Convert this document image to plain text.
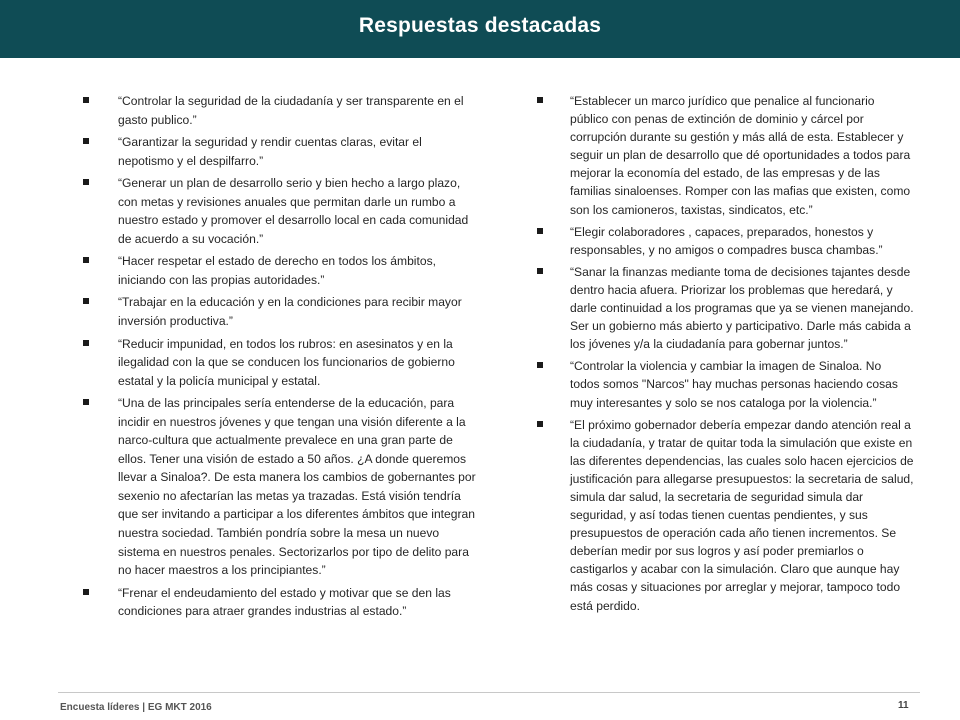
Respuestas destacadas
“Controlar la seguridad de la ciudadanía y ser transparente en el gasto publico.”
“Garantizar la seguridad y rendir cuentas claras, evitar el nepotismo y el despilfarro.”
“Generar un plan de desarrollo serio y bien hecho a largo plazo, con metas y revisiones anuales que permitan darle un rumbo a nuestro estado y promover el desarrollo local en cada comunidad de acuerdo a su vocación.”
“Hacer respetar el estado de derecho en todos los ámbitos, iniciando con las propias autoridades.”
“Trabajar en la educación y en la condiciones para recibir mayor inversión productiva.”
“Reducir impunidad, en todos los rubros: en asesinatos y en la ilegalidad con la que se conducen los funcionarios de gobierno estatal y la policía municipal y estatal.
“Una de las principales sería entenderse de la educación, para incidir en nuestros jóvenes y que tengan una visión diferente a la narco-cultura que actualmente prevalece en una gran parte de ellos. Tener una visión de estado a 50 años. ¿A donde queremos llevar a Sinaloa?. De esta manera los cambios de gobernantes por sexenio no afectarían las metas ya trazadas. Está visión tendría que ser invitando a participar a los diferentes ámbitos que integran nuestra sociedad. También pondría sobre la mesa un nuevo sistema en nuestros penales. Sectorizarlos por tipo de delito para no hacer maestros a los principiantes.”
“Frenar el endeudamiento del estado y motivar que se den las condiciones para atraer grandes industrias al estado.”
“Establecer un marco jurídico que penalice al funcionario público con penas de extinción de dominio y cárcel por corrupción durante su gestión y más allá de esta. Establecer y seguir un plan de desarrollo que dé oportunidades a todos para mejorar la economía del estado, de las empresas y de las familias sinaloenses. Romper con las mafias que existen, como son los camioneros, taxistas, sindicatos, etc.”
“Elegir colaboradores , capaces, preparados, honestos y responsables, y no amigos o compadres busca chambas.”
“Sanar la finanzas mediante toma de decisiones tajantes desde dentro hacia afuera. Priorizar los problemas que heredará, y darle continuidad a los programas que ya se vienen manejando. Ser un gobierno más abierto y participativo. Darle más cabida a los jóvenes y/a la ciudadanía para gobernar juntos.”
“Controlar la violencia y cambiar la imagen de Sinaloa. No todos somos "Narcos" hay muchas personas haciendo cosas muy interesantes y solo se nos cataloga por la violencia.”
“El próximo gobernador debería empezar dando atención real a la ciudadanía, y tratar de quitar toda la simulación que existe en las diferentes dependencias, las cuales solo hacen ejercicios de justificación para allegarse presupuestos: la secretaria de salud, simula dar salud, la secretaria de seguridad simula dar seguridad, y así todas tienen cuentas pendientes, y sus presupuestos de operación cada año tienen incrementos. Se deberían medir por sus logros y así poder premiarlos o castigarlos y acabar con la simulación. Claro que aunque hay más cosas y situaciones por arreglar y mejorar, tampoco todo está perdido.
Encuesta líderes | EG MKT 2016	11
